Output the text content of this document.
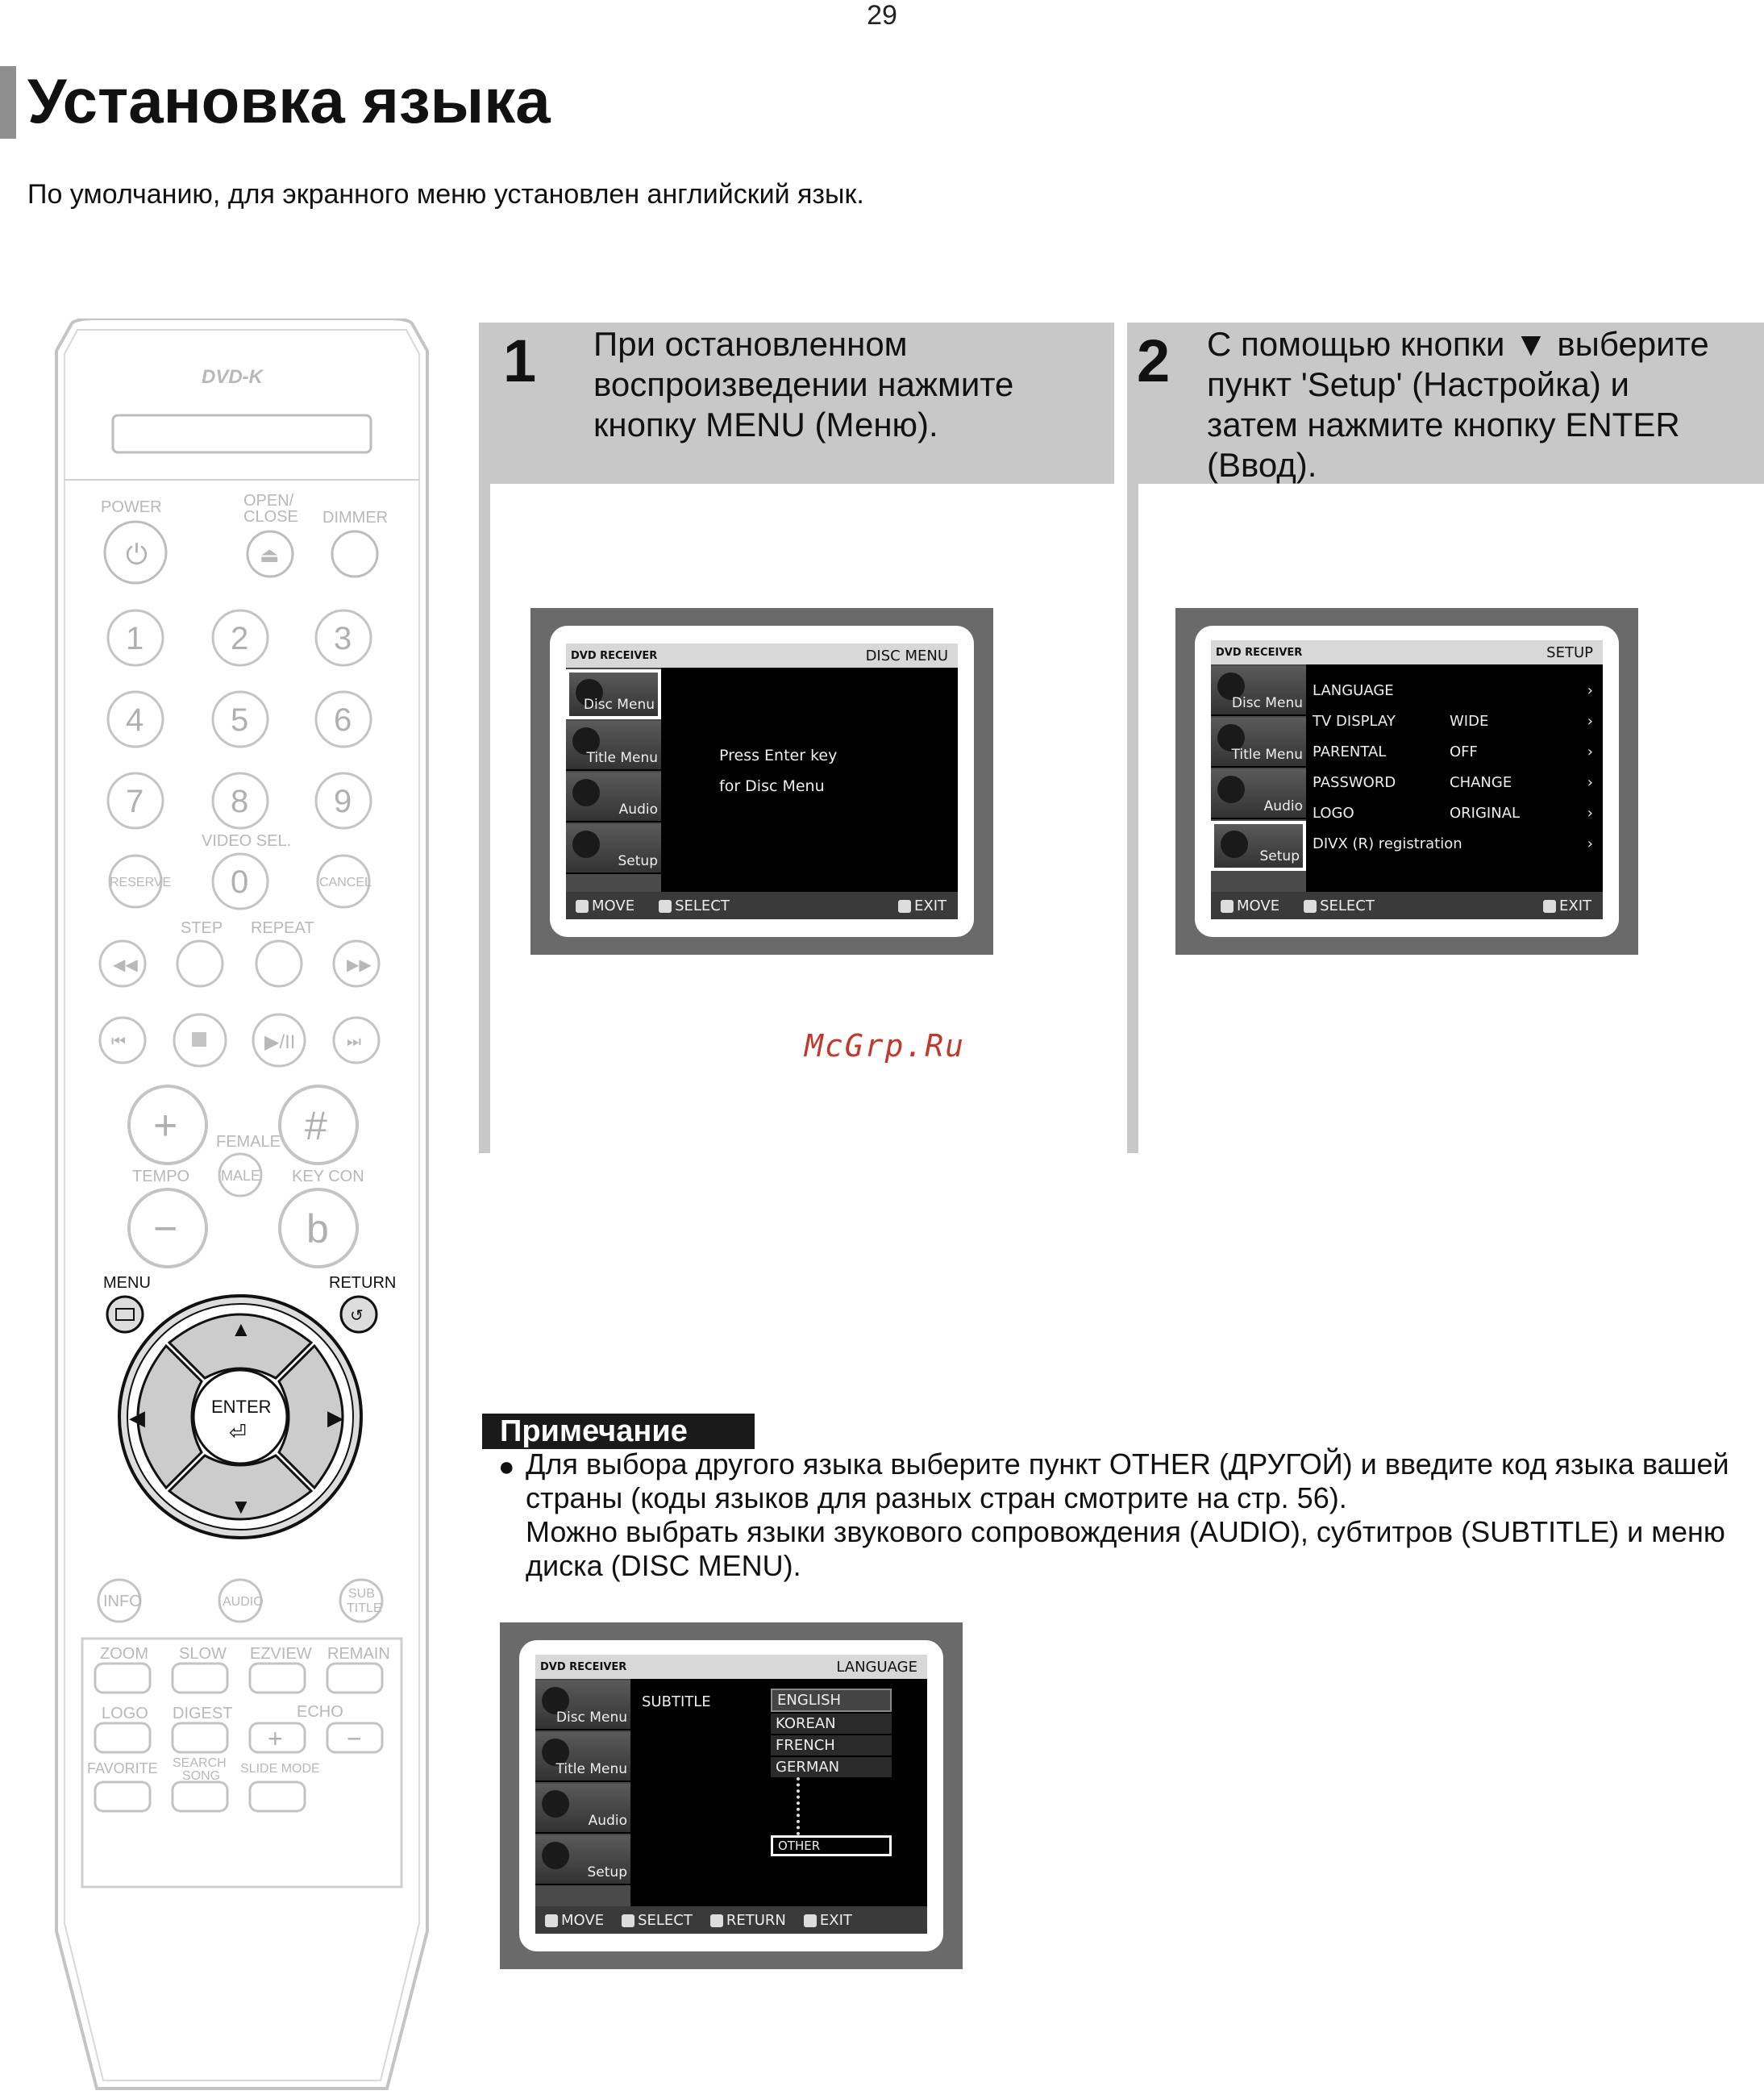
29
Установка языка
По умолчанию, для экранного меню установлен английский язык.
DVD-K
POWER	OPEN/
CLOSE DIMMER
⏻	⏏
1	2	3
4	5	6
7	8	9
0
VIDEO SEL.
RESERVE	CANCEL
STEP REPEAT
◀◀	▶▶
⏮	▶/II	⏭
+	#
FEMALE
TEMPO MALE KEY CON
−	b
MENU	RETURN
↺
▲
▼
◀	▶
ENTER
⏎
INFO	AUDIO
SUB
TITLE
ZOOM SLOW EZVIEW REMAIN
LOGO DIGEST	ECHO
+ −
FAVORITE SEARCH
SONG
SLIDE MODE
1 При остановленном
воспроизведении нажмите
кнопку MENU (Меню).
2 С помощью кнопки ▼ выберите
пункт 'Setup' (Настройка) и
затем нажмите кнопку ENTER
(Ввод).
DVD RECEIVER	DISC MENU
Disc Menu
Title Menu
Audio
Setup
Press Enter key
for Disc Menu
MOVE	SELECT	EXIT
DVD RECEIVER	SETUP
Disc Menu
Title Menu
Audio
Setup
LANGUAGE	›
TV DISPLAY	WIDE	›
PARENTAL	OFF	›
PASSWORD	CHANGE	›
LOGO	ORIGINAL	›
DIVX (R) registration	›
MOVE	SELECT	EXIT
McGrp.Ru
Примечание
● Для выбора другого языка выберите пункт OTHER (ДРУГОЙ) и введите код языка вашей
страны (коды языков для разных стран смотрите на стр. 56).
Можно выбрать языки звукового сопровождения (AUDIO), субтитров (SUBTITLE) и меню
диска (DISC MENU).
DVD RECEIVER	LANGUAGE
Disc Menu
Title Menu
Audio
Setup
SUBTITLE	ENGLISH
KOREAN
FRENCH
GERMAN
OTHER
MOVE	SELECT	RETURN	EXIT
